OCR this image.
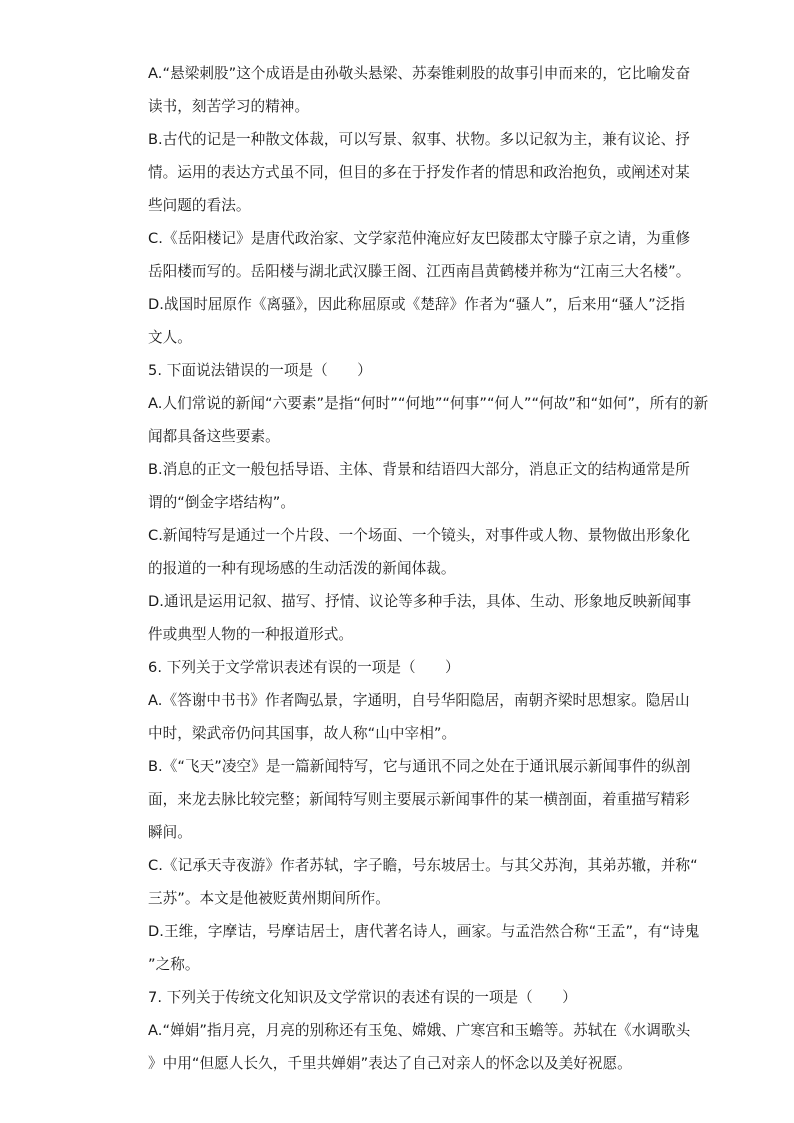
A.“悬梁刺股”这个成语是由孙敬头悬梁、苏秦锥刺股的故事引申而来的，它比喻发奋
读书，刻苦学习的精神。
B.古代的记是一种散文体裁，可以写景、叙事、状物。多以记叙为主，兼有议论、抒
情。运用的表达方式虽不同，但目的多在于抒发作者的情思和政治抱负，或阐述对某
些问题的看法。
C.《岳阳楼记》是唐代政治家、文学家范仲淹应好友巴陵郡太守滕子京之请，为重修
岳阳楼而写的。岳阳楼与湖北武汉滕王阁、江西南昌黄鹤楼并称为“江南三大名楼”。
D.战国时屈原作《离骚》，因此称屈原或《楚辞》作者为“骚人”，后来用“骚人”泛指
文人。
5. 下面说法错误的一项是（　　）
A.人们常说的新闻“六要素”是指“何时”“何地”“何事”“何人”“何故”和“如何”，所有的新
闻都具备这些要素。
B.消息的正文一般包括导语、主体、背景和结语四大部分，消息正文的结构通常是所
谓的“倒金字塔结构”。
C.新闻特写是通过一个片段、一个场面、一个镜头，对事件或人物、景物做出形象化
的报道的一种有现场感的生动活泼的新闻体裁。
D.通讯是运用记叙、描写、抒情、议论等多种手法，具体、生动、形象地反映新闻事
件或典型人物的一种报道形式。
6. 下列关于文学常识表述有误的一项是（　　）
A.《答谢中书书》作者陶弘景，字通明，自号华阳隐居，南朝齐梁时思想家。隐居山
中时，梁武帝仍问其国事，故人称“山中宰相”。
B.《“飞天”凌空》是一篇新闻特写，它与通讯不同之处在于通讯展示新闻事件的纵剖
面，来龙去脉比较完整；新闻特写则主要展示新闻事件的某一横剖面，着重描写精彩
瞬间。
C.《记承天寺夜游》作者苏轼，字子瞻，号东坡居士。与其父苏洵，其弟苏辙，并称“
三苏”。本文是他被贬黄州期间所作。
D.王维，字摩诘，号摩诘居士，唐代著名诗人，画家。与孟浩然合称“王孟”，有“诗鬼
”之称。
7. 下列关于传统文化知识及文学常识的表述有误的一项是（　　）
A.“婵娟”指月亮，月亮的别称还有玉兔、嫦娥、广寒宫和玉蟾等。苏轼在《水调歌头
》中用“但愿人长久，千里共婵娟”表达了自己对亲人的怀念以及美好祝愿。
